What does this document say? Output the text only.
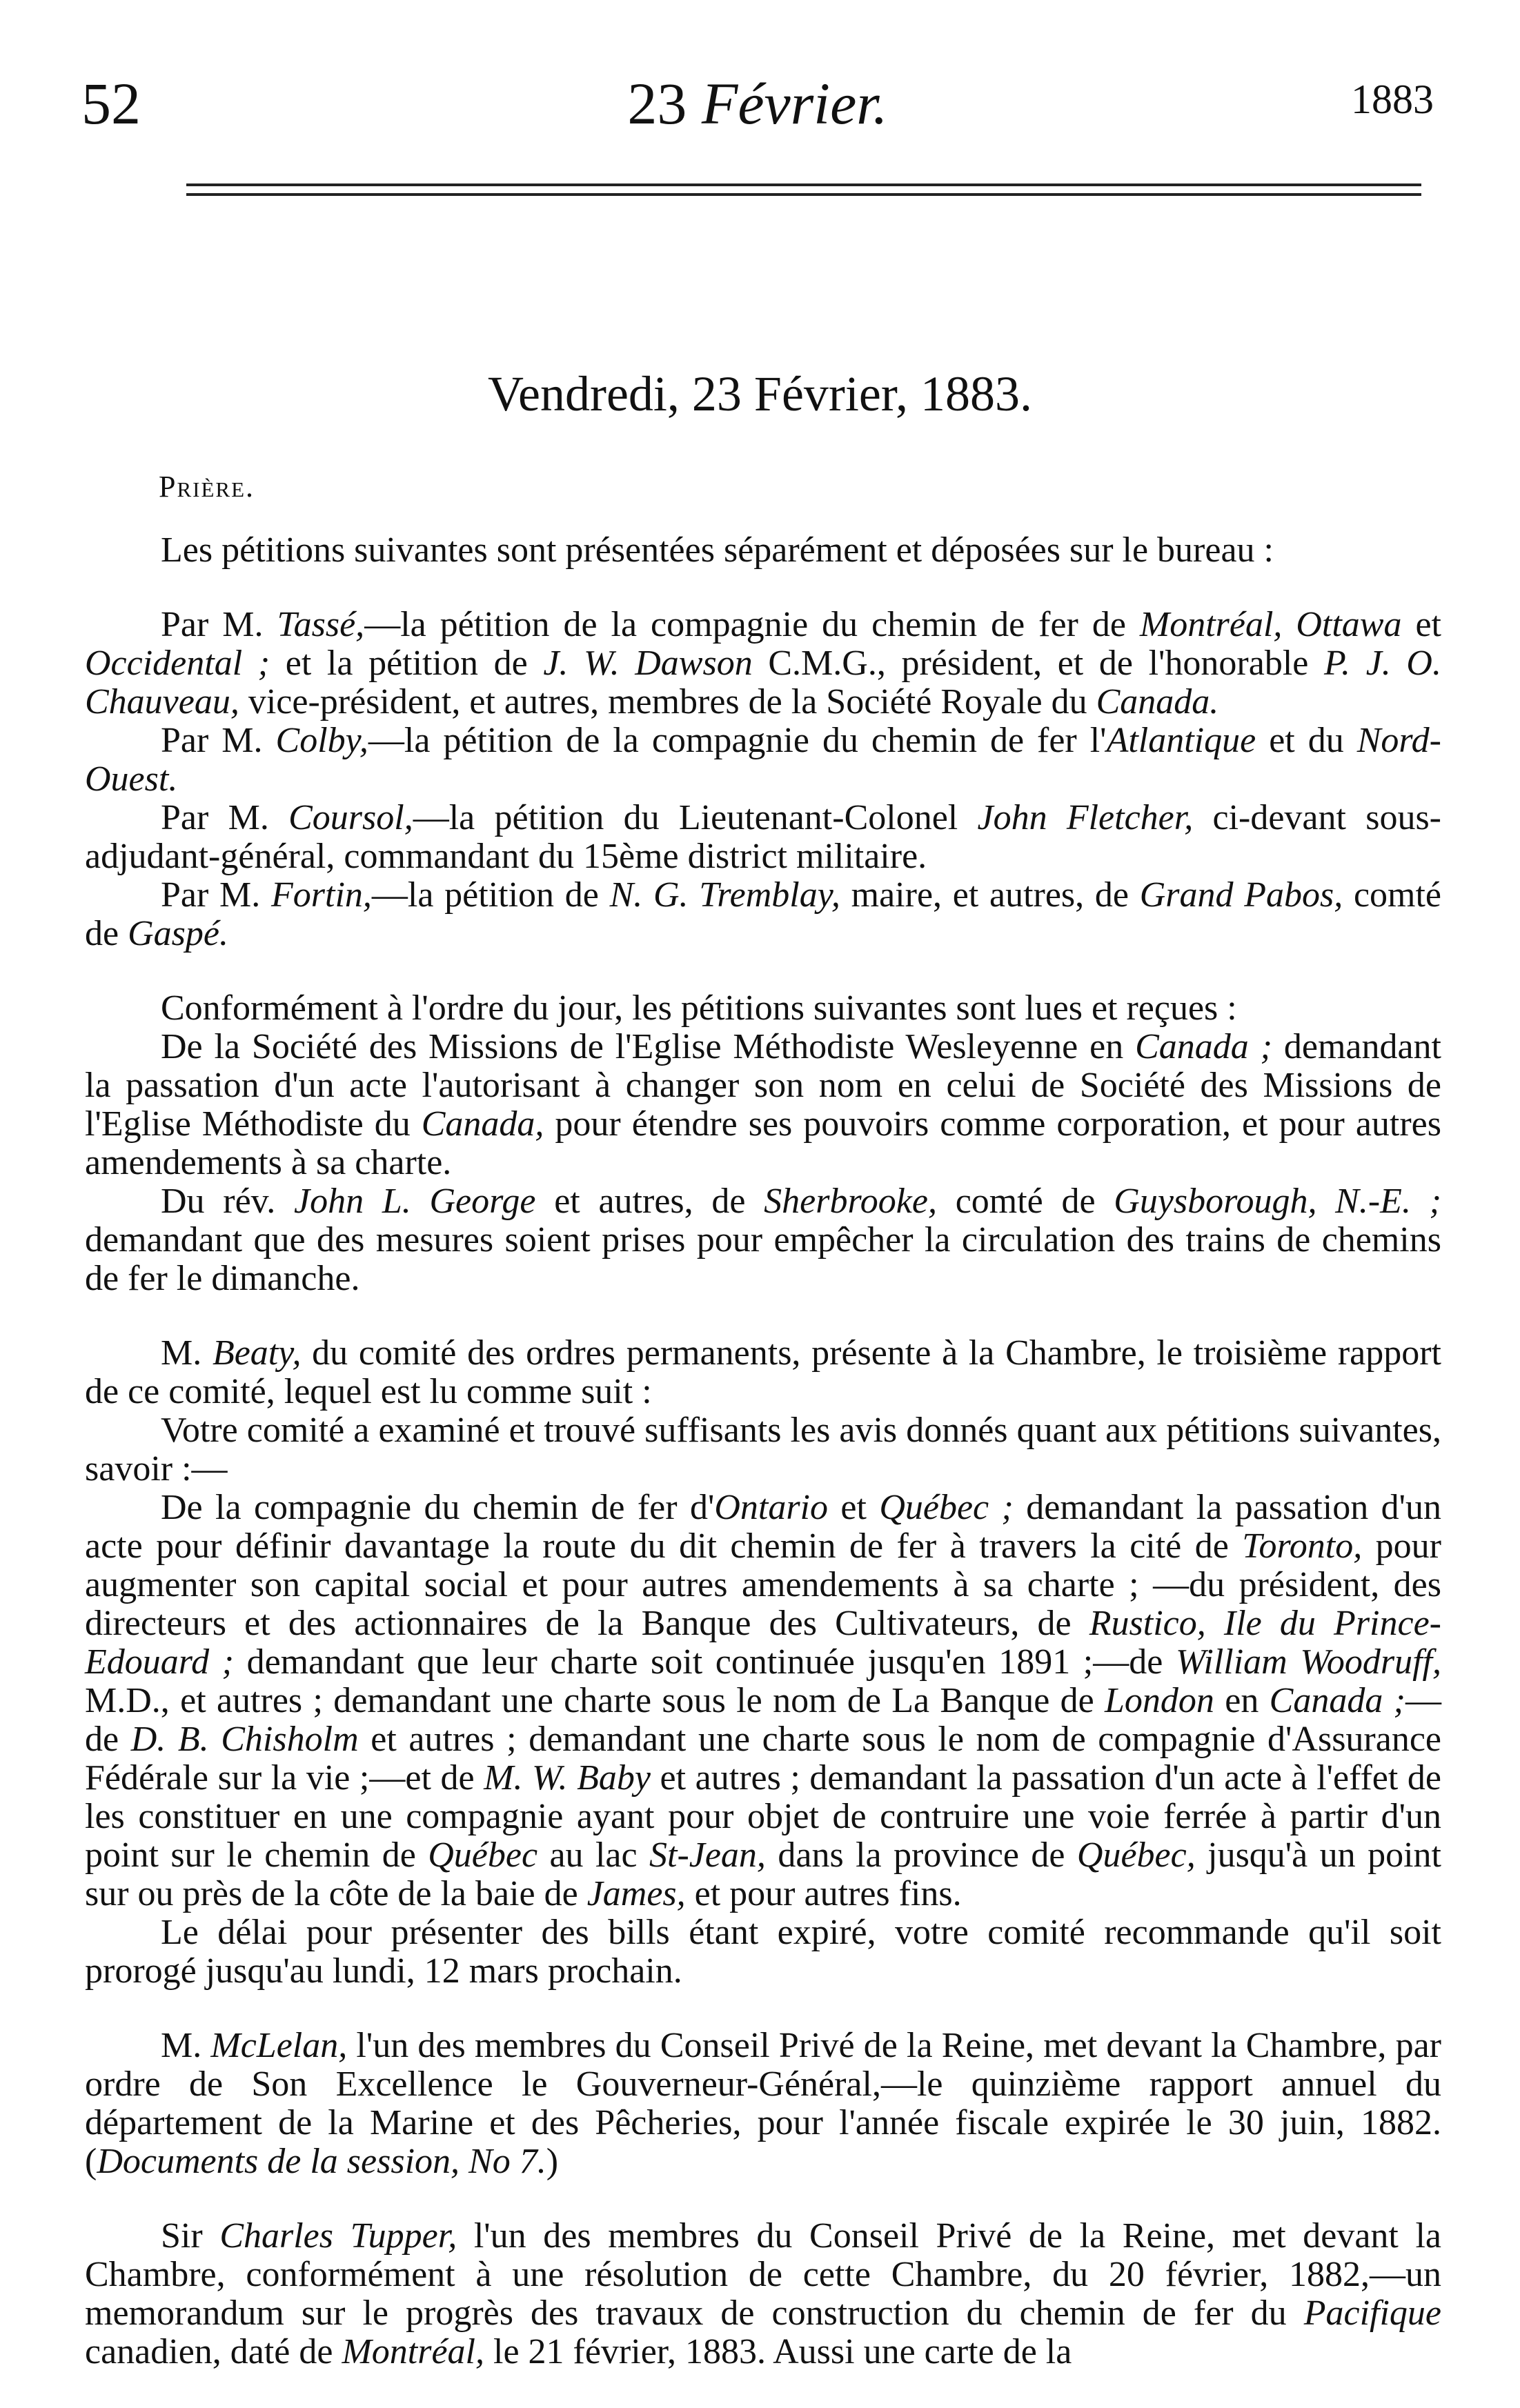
52	23 Février.	1883
Vendredi, 23 Février, 1883.
Prière.

Les pétitions suivantes sont présentées séparément et déposées sur le bureau :

Par M. Tassé,—la pétition de la compagnie du chemin de fer de Montréal, Ottawa et Occidental ; et la pétition de J. W. Dawson C.M.G., président, et de l'honorable P. J. O. Chauveau, vice-président, et autres, membres de la Société Royale du Canada.

Par M. Colby,—la pétition de la compagnie du chemin de fer l'Atlantique et du Nord-Ouest.

Par M. Coursol,—la pétition du Lieutenant-Colonel John Fletcher, ci-devant sous-adjudant-général, commandant du 15ème district militaire.

Par M. Fortin,—la pétition de N. G. Tremblay, maire, et autres, de Grand Pabos, comté de Gaspé.

Conformément à l'ordre du jour, les pétitions suivantes sont lues et reçues :

De la Société des Missions de l'Eglise Méthodiste Wesleyenne en Canada ; demandant la passation d'un acte l'autorisant à changer son nom en celui de Société des Missions de l'Eglise Méthodiste du Canada, pour étendre ses pouvoirs comme corporation, et pour autres amendements à sa charte.

Du rév. John L. George et autres, de Sherbrooke, comté de Guysborough, N.-E. ; demandant que des mesures soient prises pour empêcher la circulation des trains de chemins de fer le dimanche.

M. Beaty, du comité des ordres permanents, présente à la Chambre, le troisième rapport de ce comité, lequel est lu comme suit :

Votre comité a examiné et trouvé suffisants les avis donnés quant aux pétitions suivantes, savoir :—

De la compagnie du chemin de fer d'Ontario et Québec ; demandant la passation d'un acte pour définir davantage la route du dit chemin de fer à travers la cité de Toronto, pour augmenter son capital social et pour autres amendements à sa charte ; —du président, des directeurs et des actionnaires de la Banque des Cultivateurs, de Rustico, Ile du Prince-Edouard ; demandant que leur charte soit continuée jusqu'en 1891 ;—de William Woodruff, M.D., et autres ; demandant une charte sous le nom de La Banque de London en Canada ;—de D. B. Chisholm et autres ; demandant une charte sous le nom de compagnie d'Assurance Fédérale sur la vie ;—et de M. W. Baby et autres ; demandant la passation d'un acte à l'effet de les constituer en une compagnie ayant pour objet de contruire une voie ferrée à partir d'un point sur le chemin de Québec au lac St-Jean, dans la province de Québec, jusqu'à un point sur ou près de la côte de la baie de James, et pour autres fins.

Le délai pour présenter des bills étant expiré, votre comité recommande qu'il soit prorogé jusqu'au lundi, 12 mars prochain.

M. McLelan, l'un des membres du Conseil Privé de la Reine, met devant la Chambre, par ordre de Son Excellence le Gouverneur-Général,—le quinzième rapport annuel du département de la Marine et des Pêcheries, pour l'année fiscale expirée le 30 juin, 1882. (Documents de la session, No 7.)

Sir Charles Tupper, l'un des membres du Conseil Privé de la Reine, met devant la Chambre, conformément à une résolution de cette Chambre, du 20 février, 1882,—un memorandum sur le progrès des travaux de construction du chemin de fer du Pacifique canadien, daté de Montréal, le 21 février, 1883. Aussi une carte de la
